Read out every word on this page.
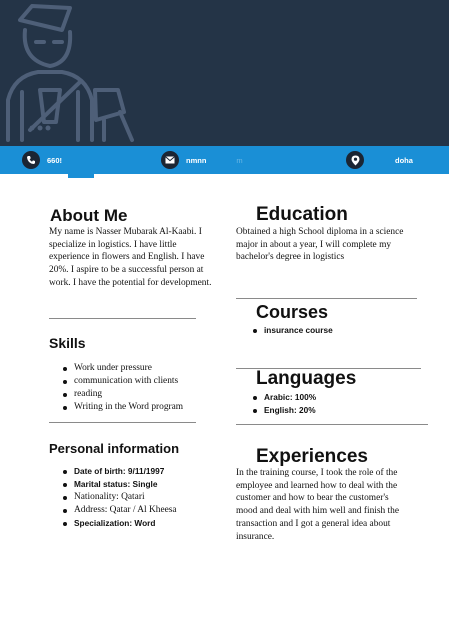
660!	nmnn	m	doha
About Me
My name is Nasser Mubarak Al-Kaabi. I specialize in logistics. I have little experience in flowers and English. I have 20%. I aspire to be a successful person at work. I have the potential for development.
Skills
Work under pressure
communication with clients
reading
Writing in the Word program
Personal information
Date of birth: 9/11/1997
Marital status: Single
Nationality: Qatari
Address: Qatar / Al Kheesa
Specialization: Word
Education
Obtained a high School diploma in a science major in about a year, I will complete my bachelor's degree in logistics
Courses
insurance course
Languages
Arabic: 100%
English: 20%
Experiences
In the training course, I took the role of the employee and learned how to deal with the customer and how to bear the customer's mood and deal with him well and finish the transaction and I got a general idea about insurance.
